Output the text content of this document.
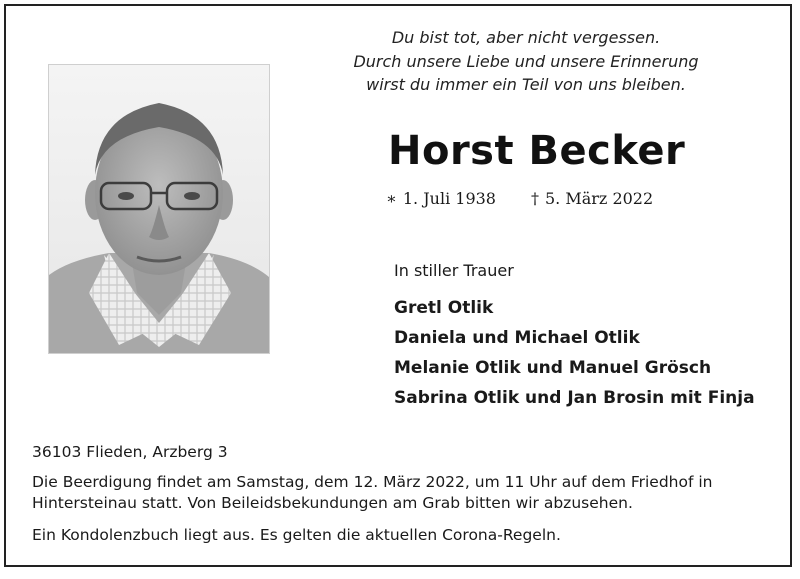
Du bist tot, aber nicht vergessen.
Durch unsere Liebe und unsere Erinnerung
wirst du immer ein Teil von uns bleiben.
Horst Becker
∗ 1. Juli 1938 † 5. März 2022
In stiller Trauer
Gretl Otlik
Daniela und Michael Otlik
Melanie Otlik und Manuel Grösch
Sabrina Otlik und Jan Brosin mit Finja

36103 Flieden, Arzberg 3

Die Beerdigung findet am Samstag, dem 12. März 2022, um 11 Uhr auf dem Friedhof in

Hintersteinau statt. Von Beileidsbekundungen am Grab bitten wir abzusehen.

Ein Kondolenzbuch liegt aus. Es gelten die aktuellen Corona-Regeln.
